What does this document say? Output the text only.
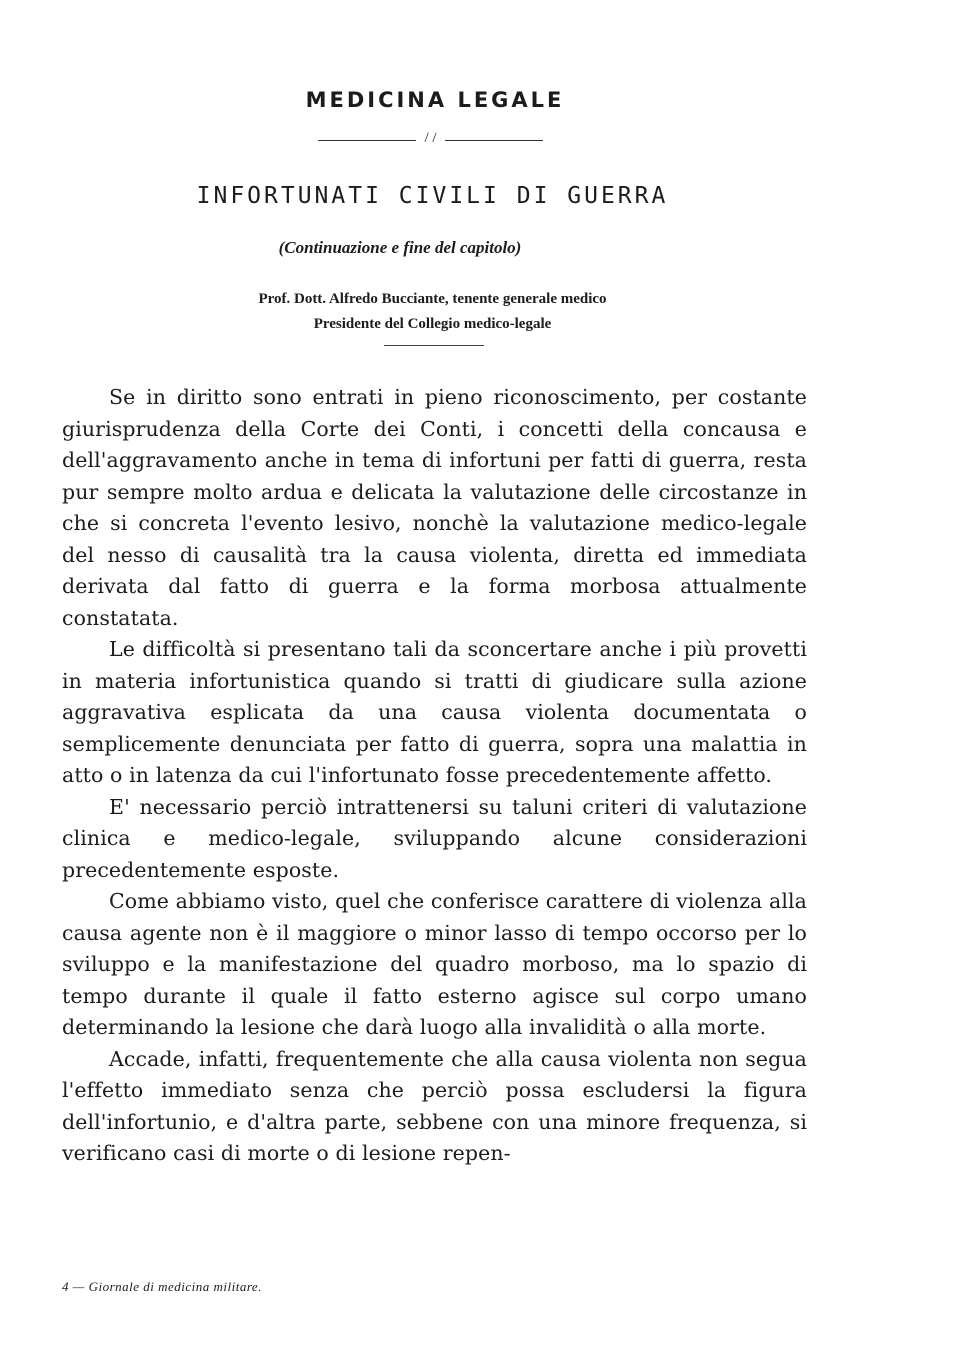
MEDICINA LEGALE
/ /
INFORTUNATI CIVILI DI GUERRA
(Continuazione e fine del capitolo)
Prof. Dott. Alfredo Bucciante, tenente generale medico
Presidente del Collegio medico-legale

Se in diritto sono entrati in pieno riconoscimento, per costante giurisprudenza della Corte dei Conti, i concetti della concausa e dell'aggravamento anche in tema di infortuni per fatti di guerra, resta pur sempre molto ardua e delicata la valutazione delle circostanze in che si concreta l'evento lesivo, nonchè la valutazione medico-legale del nesso di causalità tra la causa violenta, diretta ed immediata derivata dal fatto di guerra e la forma morbosa attualmente constatata.

Le difficoltà si presentano tali da sconcertare anche i più provetti in materia infortunistica quando si tratti di giudicare sulla azione aggravativa esplicata da una causa violenta documentata o semplicemente denunciata per fatto di guerra, sopra una malattia in atto o in latenza da cui l'infortunato fosse precedentemente affetto.

E' necessario perciò intrattenersi su taluni criteri di valutazione clinica e medico-legale, sviluppando alcune considerazioni precedentemente esposte.

Come abbiamo visto, quel che conferisce carattere di violenza alla causa agente non è il maggiore o minor lasso di tempo occorso per lo sviluppo e la manifestazione del quadro morboso, ma lo spazio di tempo durante il quale il fatto esterno agisce sul corpo umano determinando la lesione che darà luogo alla invalidità o alla morte.

Accade, infatti, frequentemente che alla causa violenta non segua l'effetto immediato senza che perciò possa escludersi la figura dell'infortunio, e d'altra parte, sebbene con una minore frequenza, si verificano casi di morte o di lesione repen-

4 — Giornale di medicina militare.
